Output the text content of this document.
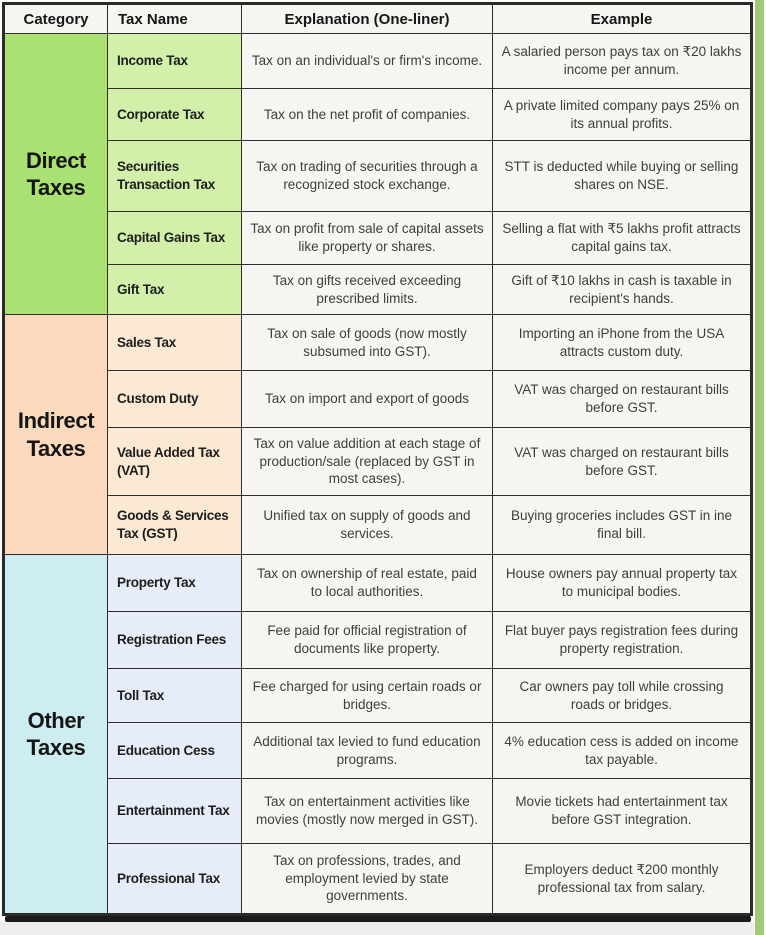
Category	Tax Name	Explanation (One-liner)	Example
Direct Taxes	Income Tax	Tax on an individual's or firm's income.	A salaried person pays tax on ₹20 lakhs income per annum.
	Corporate Tax	Tax on the net profit of companies.	A private limited company pays 25% on its annual profits.
	Securities Transaction Tax	Tax on trading of securities through a recognized stock exchange.	STT is deducted while buying or selling shares on NSE.
	Capital Gains Tax	Tax on profit from sale of capital assets like property or shares.	Selling a flat with ₹5 lakhs profit attracts capital gains tax.
	Gift Tax	Tax on gifts received exceeding prescribed limits.	Gift of ₹10 lakhs in cash is taxable in recipient's hands.
Indirect Taxes	Sales Tax	Tax on sale of goods (now mostly subsumed into GST).	Importing an iPhone from the USA attracts custom duty.
	Custom Duty	Tax on import and export of goods	VAT was charged on restaurant bills before GST.
	Value Added Tax (VAT)	Tax on value addition at each stage of production/sale (replaced by GST in most cases).	VAT was charged on restaurant bills before GST.
	Goods & Services Tax (GST)	Unified tax on supply of goods and services.	Buying groceries includes GST in ine final bill.
Other Taxes	Property Tax	Tax on ownership of real estate, paid to local authorities.	House owners pay annual property tax to municipal bodies.
	Registration Fees	Fee paid for official registration of documents like property.	Flat buyer pays registration fees during property registration.
	Toll Tax	Fee charged for using certain roads or bridges.	Car owners pay toll while crossing roads or bridges.
	Education Cess	Additional tax levied to fund education programs.	4% education cess is added on income tax payable.
	Entertainment Tax	Tax on entertainment activities like movies (mostly now merged in GST).	Movie tickets had entertainment tax before GST integration.
	Professional Tax	Tax on professions, trades, and employment levied by state governments.	Employers deduct ₹200 monthly professional tax from salary.
